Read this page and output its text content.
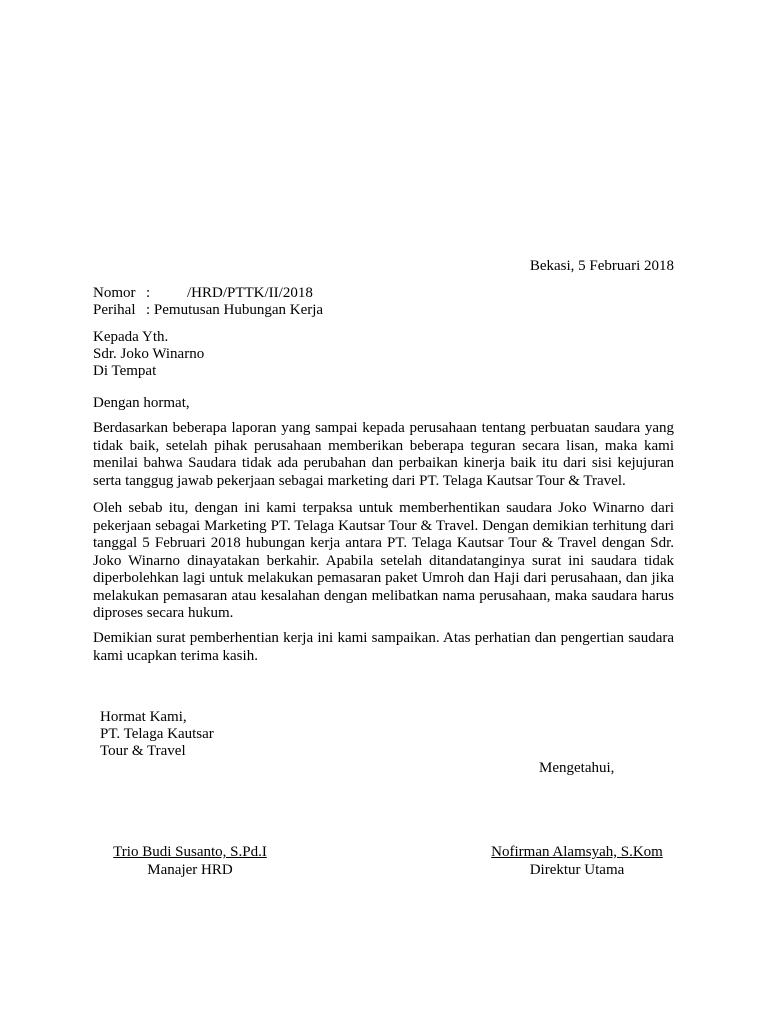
Bekasi, 5 Februari 2018
Nomor : /HRD/PTTK/II/2018
Perihal : Pemutusan Hubungan Kerja
Kepada Yth.
Sdr. Joko Winarno
Di Tempat
Dengan hormat,
Berdasarkan beberapa laporan yang sampai kepada perusahaan tentang perbuatan saudara yang tidak baik, setelah pihak perusahaan memberikan beberapa teguran secara lisan, maka kami menilai bahwa Saudara tidak ada perubahan dan perbaikan kinerja baik itu dari sisi kejujuran serta tanggug jawab pekerjaan sebagai marketing dari PT. Telaga Kautsar Tour & Travel.
Oleh sebab itu, dengan ini kami terpaksa untuk memberhentikan saudara Joko Winarno dari pekerjaan sebagai Marketing PT. Telaga Kautsar Tour & Travel. Dengan demikian terhitung dari tanggal 5 Februari 2018 hubungan kerja antara PT. Telaga Kautsar Tour & Travel dengan Sdr. Joko Winarno dinayatakan berkahir. Apabila setelah ditandatanginya surat ini saudara tidak diperbolehkan lagi untuk melakukan pemasaran paket Umroh dan Haji dari perusahaan, dan jika melakukan pemasaran atau kesalahan dengan melibatkan nama perusahaan, maka saudara harus diproses secara hukum.
Demikian surat pemberhentian kerja ini kami sampaikan. Atas perhatian dan pengertian saudara kami ucapkan terima kasih.
Hormat Kami,
PT. Telaga Kautsar
Tour & Travel
Mengetahui,
Trio Budi Susanto, S.Pd.I
Manajer HRD
Nofirman Alamsyah, S.Kom
Direktur Utama
